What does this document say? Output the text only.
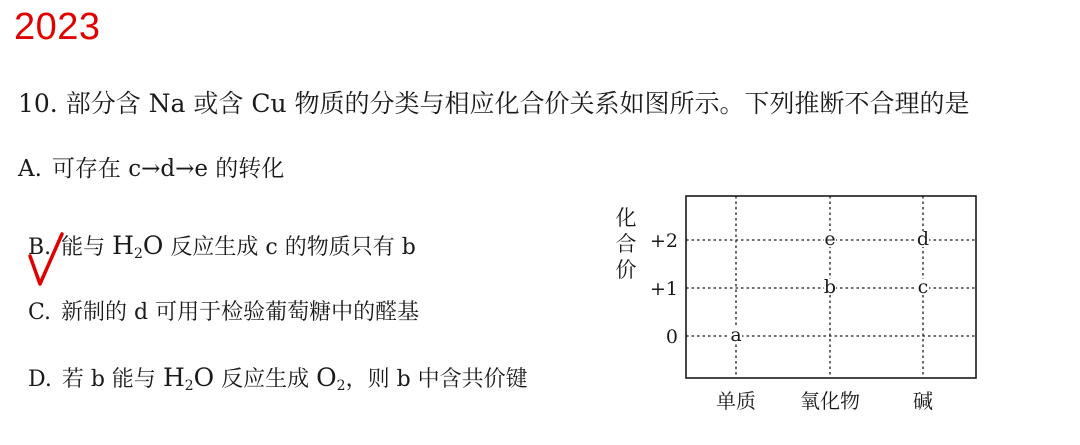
2023
10. 部分含 Na 或含 Cu 物质的分类与相应化合价关系如图所示。下列推断不合理的是
A. 可存在 c→d→e 的转化
B. 能与 $H_2O$ 反应生成 c 的物质只有 b
C. 新制的 d 可用于检验葡萄糖中的醛基
D. 若 b 能与 $H_2O$ 反应生成 $O_2$，则 b 中含共价键
化
合
价
+2
+1
0
单质 氧化物	碱
a
b	c
e	d
